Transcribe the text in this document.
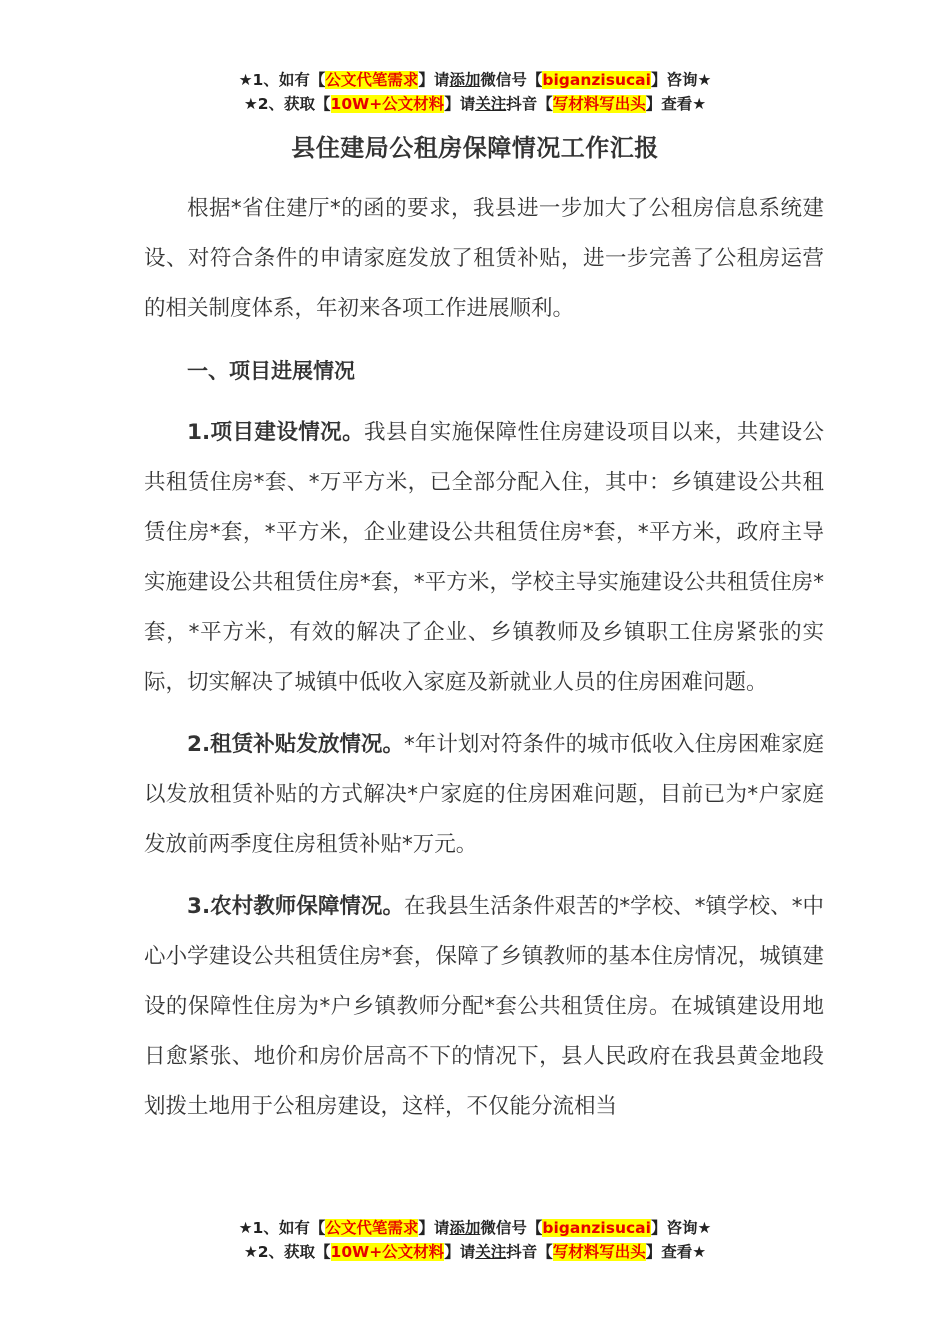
★1、如有【公文代笔需求】请添加微信号【biganzisucai】咨询★
★2、获取【10W+公文材料】请关注抖音【写材料写出头】查看★
县住建局公租房保障情况工作汇报

根据*省住建厅*的函的要求，我县进一步加大了公租房信息系统建设、对符合条件的申请家庭发放了租赁补贴，进一步完善了公租房运营的相关制度体系，年初来各项工作进展顺利。

一、项目进展情况

1.项目建设情况。我县自实施保障性住房建设项目以来，共建设公共租赁住房*套、*万平方米，已全部分配入住，其中：乡镇建设公共租赁住房*套，*平方米，企业建设公共租赁住房*套，*平方米，政府主导实施建设公共租赁住房*套，*平方米，学校主导实施建设公共租赁住房*套，*平方米，有效的解决了企业、乡镇教师及乡镇职工住房紧张的实际，切实解决了城镇中低收入家庭及新就业人员的住房困难问题。

2.租赁补贴发放情况。*年计划对符条件的城市低收入住房困难家庭以发放租赁补贴的方式解决*户家庭的住房困难问题，目前已为*户家庭发放前两季度住房租赁补贴*万元。

3.农村教师保障情况。在我县生活条件艰苦的*学校、*镇学校、*中心小学建设公共租赁住房*套，保障了乡镇教师的基本住房情况，城镇建设的保障性住房为*户乡镇教师分配*套公共租赁住房。在城镇建设用地日愈紧张、地价和房价居高不下的情况下，县人民政府在我县黄金地段划拨土地用于公租房建设，这样，不仅能分流相当

★1、如有【公文代笔需求】请添加微信号【biganzisucai】咨询★
★2、获取【10W+公文材料】请关注抖音【写材料写出头】查看★
